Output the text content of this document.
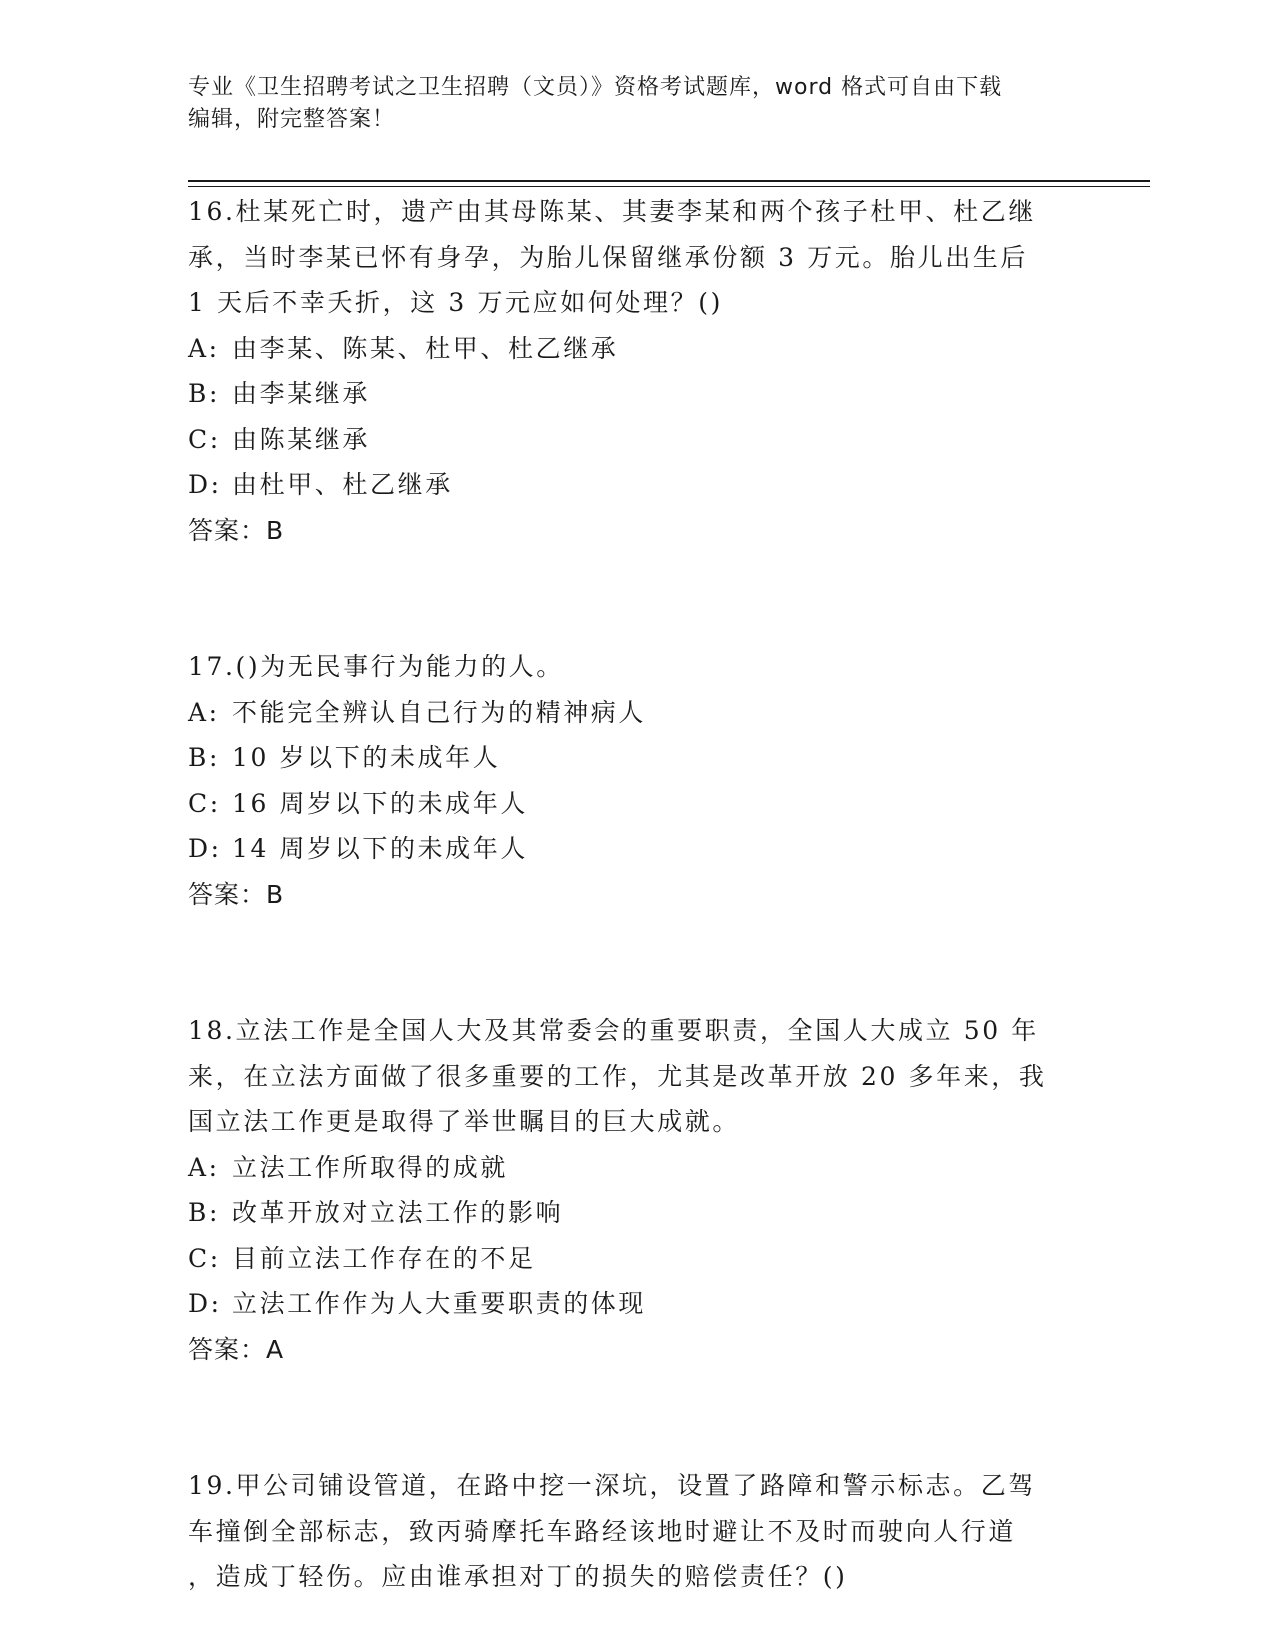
专业《卫生招聘考试之卫生招聘（文员）》资格考试题库，word 格式可自由下载
编辑，附完整答案！

16.杜某死亡时，遗产由其母陈某、其妻李某和两个孩子杜甲、杜乙继

承，当时李某已怀有身孕，为胎儿保留继承份额 3 万元。胎儿出生后

1 天后不幸夭折，这 3 万元应如何处理？()

A: 由李某、陈某、杜甲、杜乙继承

B: 由李某继承

C: 由陈某继承

D: 由杜甲、杜乙继承

答案：B

17.()为无民事行为能力的人。

A: 不能完全辨认自己行为的精神病人

B: 10 岁以下的未成年人

C: 16 周岁以下的未成年人

D: 14 周岁以下的未成年人

答案：B

18.立法工作是全国人大及其常委会的重要职责，全国人大成立 50 年

来，在立法方面做了很多重要的工作，尤其是改革开放 20 多年来，我

国立法工作更是取得了举世瞩目的巨大成就。

A: 立法工作所取得的成就

B: 改革开放对立法工作的影响

C: 目前立法工作存在的不足

D: 立法工作作为人大重要职责的体现

答案：A

19.甲公司铺设管道，在路中挖一深坑，设置了路障和警示标志。乙驾

车撞倒全部标志，致丙骑摩托车路经该地时避让不及时而驶向人行道

，造成丁轻伤。应由谁承担对丁的损失的赔偿责任？()
